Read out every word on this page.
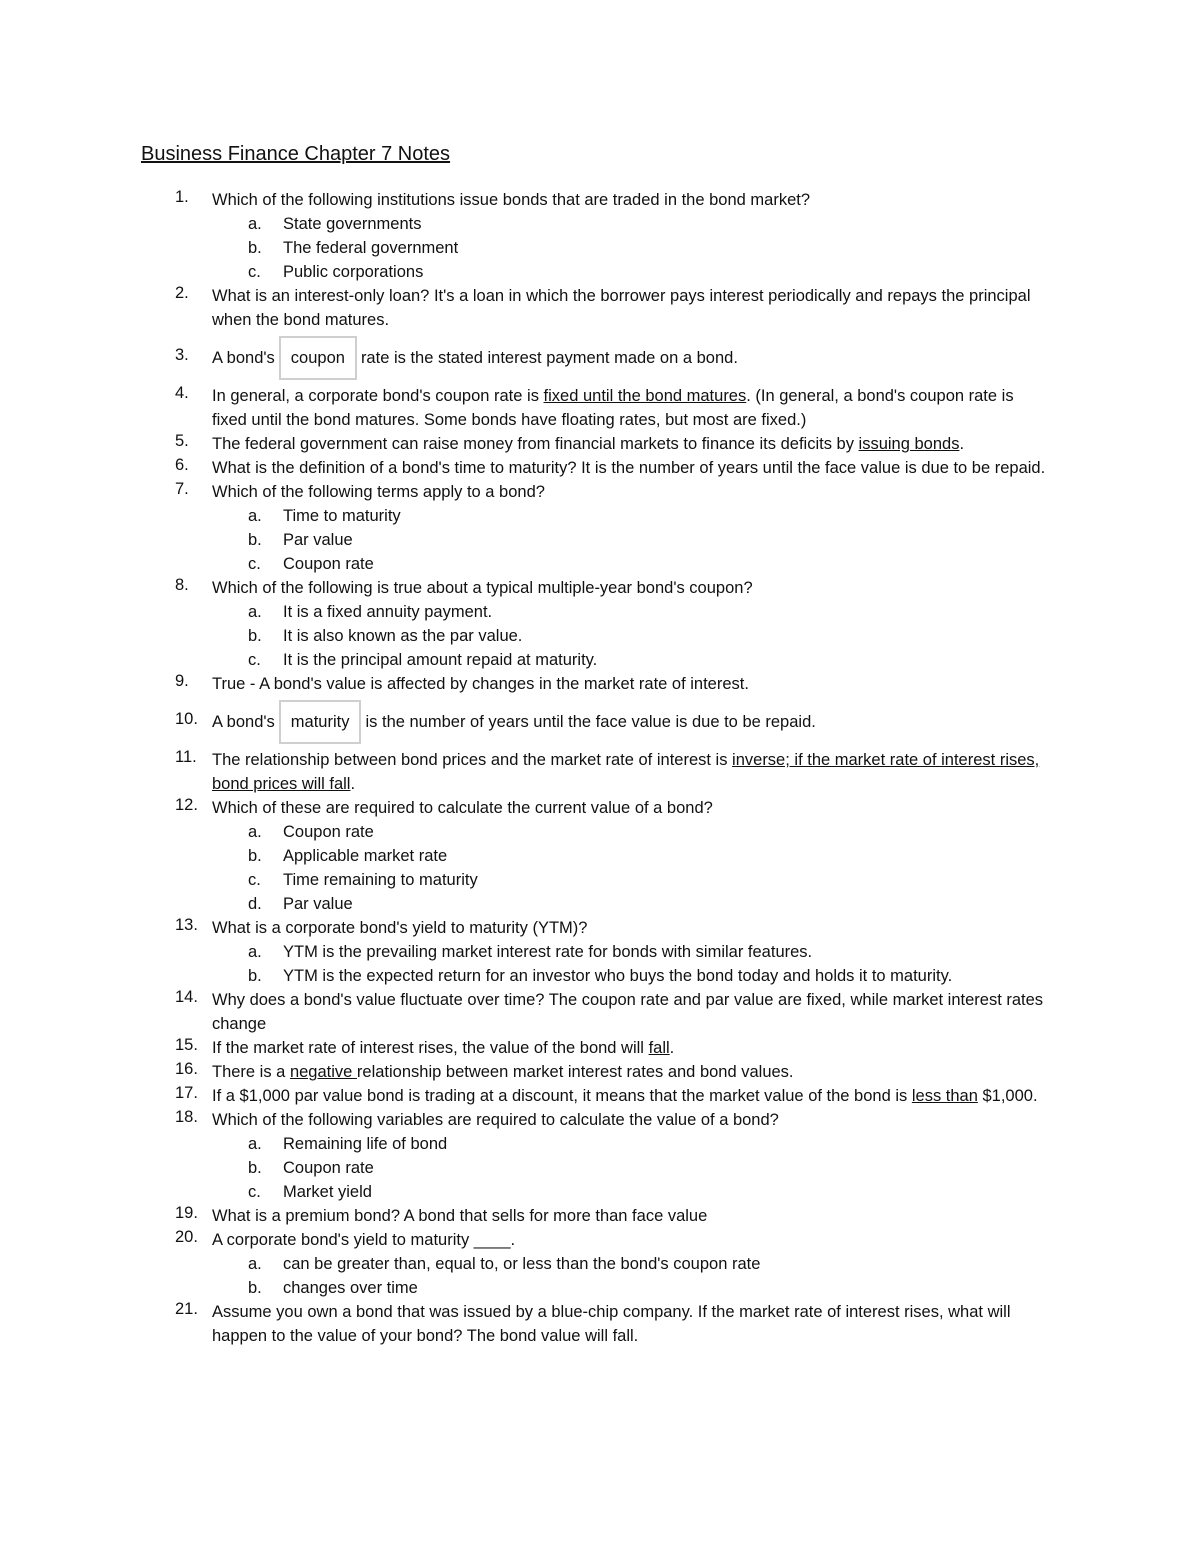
Business Finance Chapter 7 Notes
1.	Which of the following institutions issue bonds that are traded in the bond market?
a. State governments
b. The federal government
c. Public corporations
2.	What is an interest-only loan? It's a loan in which the borrower pays interest periodically and repays the principal when the bond matures.
3.	A bond's coupon rate is the stated interest payment made on a bond.
4.	In general, a corporate bond's coupon rate is fixed until the bond matures. (In general, a bond's coupon rate is fixed until the bond matures. Some bonds have floating rates, but most are fixed.)
5.	The federal government can raise money from financial markets to finance its deficits by issuing bonds.
6.	What is the definition of a bond's time to maturity? It is the number of years until the face value is due to be repaid.
7.	Which of the following terms apply to a bond?
a. Time to maturity
b. Par value
c. Coupon rate
8.	Which of the following is true about a typical multiple-year bond's coupon?
a. It is a fixed annuity payment.
b. It is also known as the par value.
c. It is the principal amount repaid at maturity.
9.	True - A bond's value is affected by changes in the market rate of interest.
10. A bond's maturity is the number of years until the face value is due to be repaid.
11. The relationship between bond prices and the market rate of interest is inverse; if the market rate of interest rises, bond prices will fall.
12. Which of these are required to calculate the current value of a bond?
a. Coupon rate
b. Applicable market rate
c. Time remaining to maturity
d. Par value
13. What is a corporate bond's yield to maturity (YTM)?
a. YTM is the prevailing market interest rate for bonds with similar features.
b. YTM is the expected return for an investor who buys the bond today and holds it to maturity.
14. Why does a bond's value fluctuate over time? The coupon rate and par value are fixed, while market interest rates change
15. If the market rate of interest rises, the value of the bond will fall.
16. There is a negative relationship between market interest rates and bond values.
17. If a $1,000 par value bond is trading at a discount, it means that the market value of the bond is less than $1,000.
18. Which of the following variables are required to calculate the value of a bond?
a. Remaining life of bond
b. Coupon rate
c. Market yield
19. What is a premium bond? A bond that sells for more than face value
20. A corporate bond's yield to maturity ____.
a. can be greater than, equal to, or less than the bond's coupon rate
b. changes over time
21. Assume you own a bond that was issued by a blue-chip company. If the market rate of interest rises, what will happen to the value of your bond? The bond value will fall.
